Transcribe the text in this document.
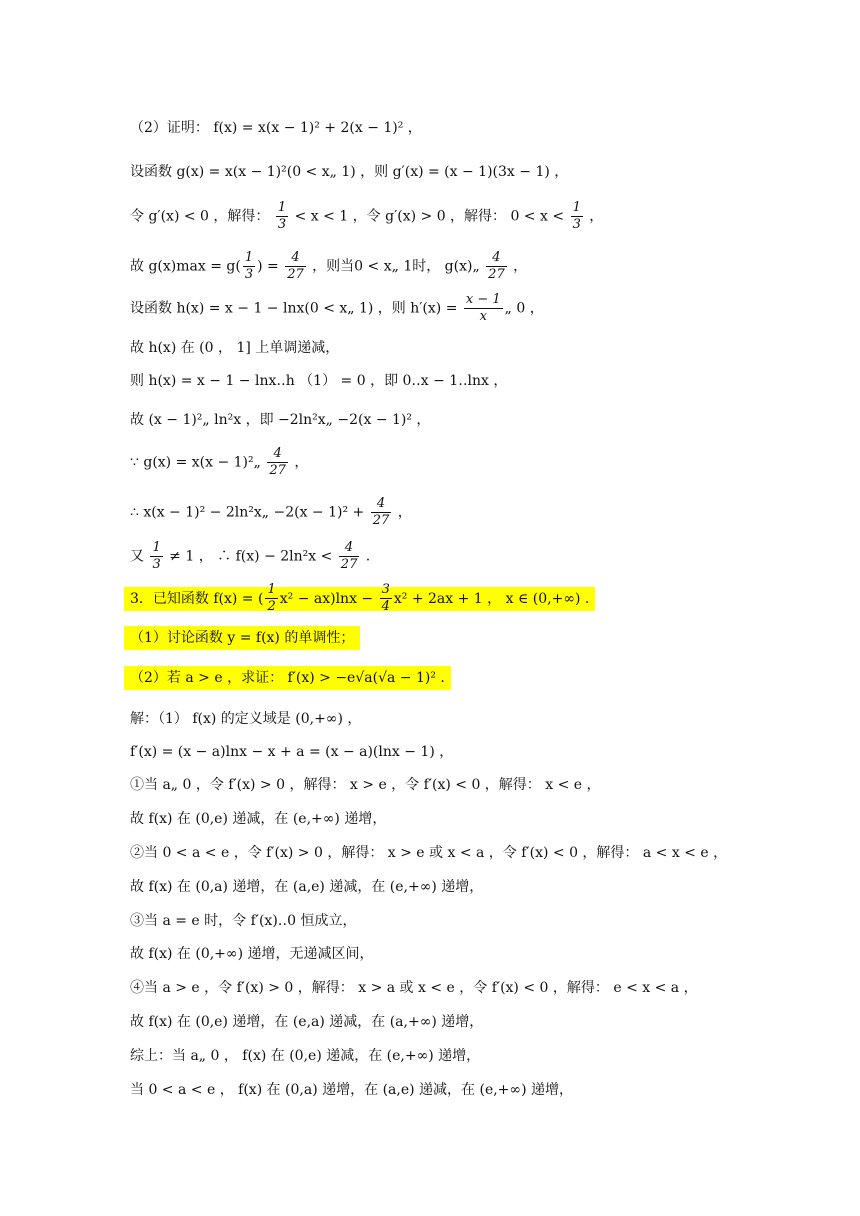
（2）证明： f(x) = x(x − 1)² + 2(x − 1)² ，
设函数 g(x) = x(x − 1)²(0 < x„ 1) ，则 g′(x) = (x − 1)(3x − 1) ，
令 g′(x) < 0 ，解得： $\frac{1}{3} < x < 1$ ，令 g′(x) > 0 ，解得： $0 < x < \frac{1}{3}$ ，
故 $g(x)\max = g( \frac{1}{3}$ ) = $\frac{4}{27}$ ，则当0 < x„ 1时， g(x)„ $\frac{4}{27}$ ，
设函数 h(x) = x − 1 − lnx(0 < x„ 1) ，则 $h'(x) = \frac{x - 1}{x}$ „ 0 ，
故 h(x) 在 (0 ， 1] 上单调递减，
则 h(x) = x − 1 − lnx‥h （1） = 0 ，即 0‥x − 1‥lnx ，
故 (x − 1)²„ ln²x ，即 −2ln²x„ −2(x − 1)² ，
∵ g(x) = x(x − 1)²„ $\frac{4}{27}$ ，
∴ x(x − 1)² − 2ln²x„ $-2(x - 1)^2 + \frac{4}{27}$ ，
又 $\frac{1}{3} \ne 1$ ， ∴ $f(x) - 2\ln^2x < \frac{4}{27}$ .
3．已知函数 f(x) = ( $\frac{1}{2} x^2 - ax)\ln x - \frac{3}{4} x^2 + 2ax + 1$ ， x ∈ (0,+∞) .
（1）讨论函数 y = f(x) 的单调性；
（2）若 a > e ，求证： f′(x) > −e√a(√a − 1)² .
解：（1） f(x) 的定义域是 (0,+∞) ，
f′(x) = (x − a)lnx − x + a = (x − a)(lnx − 1) ，
①当 a„ 0 ，令 f′(x) > 0 ，解得： x > e ，令 f′(x) < 0 ，解得： x < e ，
故 f(x) 在 (0,e) 递减，在 (e,+∞) 递增，
②当 0 < a < e ，令 f′(x) > 0 ，解得： x > e 或 x < a ，令 f′(x) < 0 ，解得： a < x < e ，
故 f(x) 在 (0,a) 递增，在 (a,e) 递减，在 (e,+∞) 递增，
③当 a = e 时，令 f′(x)‥0 恒成立，
故 f(x) 在 (0,+∞) 递增，无递减区间，
④当 a > e ，令 f′(x) > 0 ，解得： x > a 或 x < e ，令 f′(x) < 0 ，解得： e < x < a ，
故 f(x) 在 (0,e) 递增，在 (e,a) 递减，在 (a,+∞) 递增，
综上：当 a„ 0 ， f(x) 在 (0,e) 递减，在 (e,+∞) 递增，
当 0 < a < e ， f(x) 在 (0,a) 递增，在 (a,e) 递减，在 (e,+∞) 递增，
